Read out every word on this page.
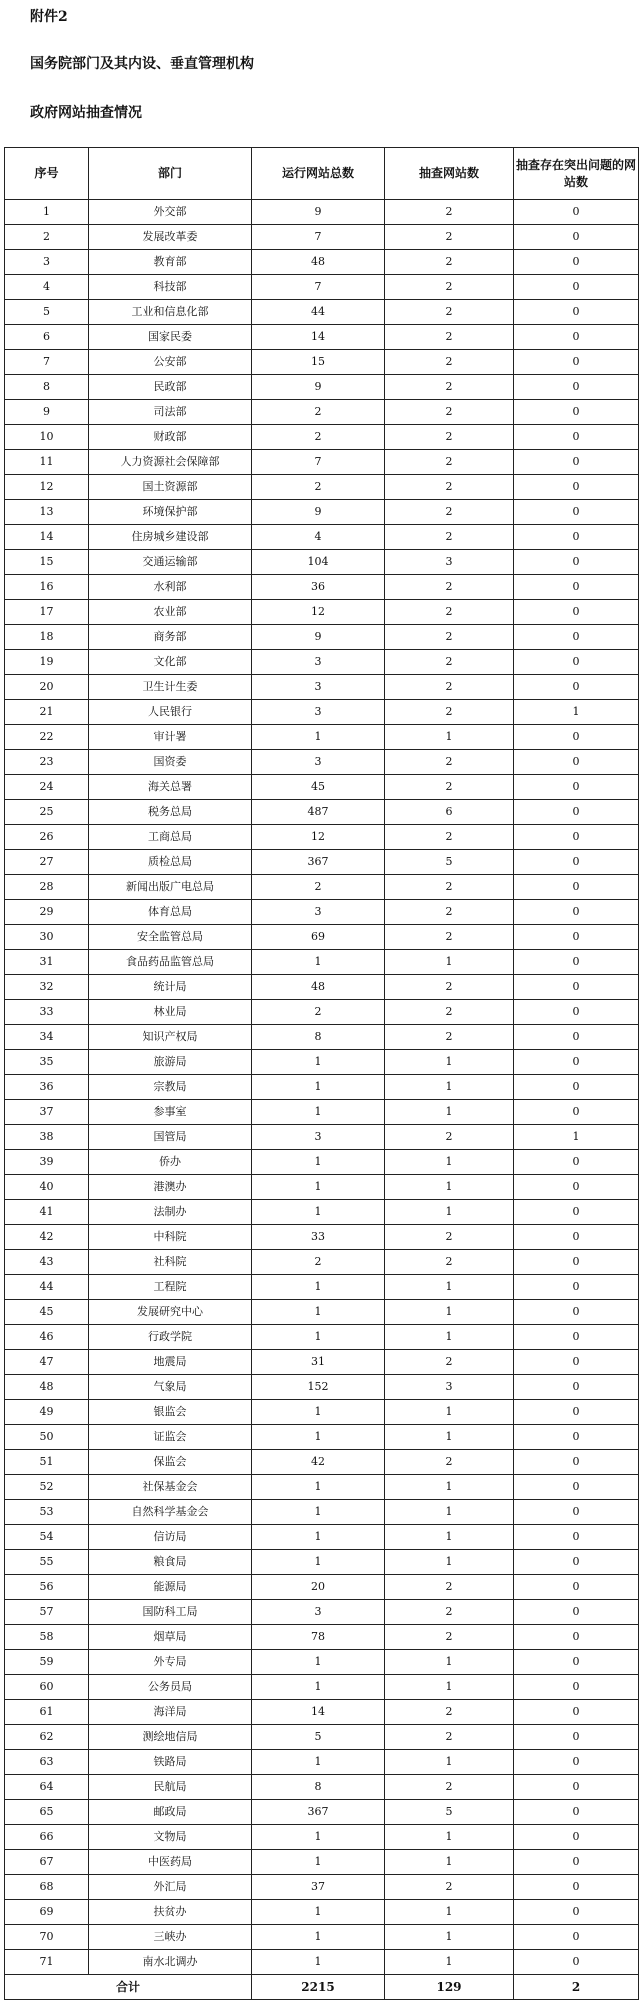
附件2
国务院部门及其内设、垂直管理机构
政府网站抽查情况
序号	部门	运行网站总数	抽查网站数	抽查存在突出问题的网站数
1	外交部	9	2	0
2	发展改革委	7	2	0
3	教育部	48	2	0
4	科技部	7	2	0
5	工业和信息化部	44	2	0
6	国家民委	14	2	0
7	公安部	15	2	0
8	民政部	9	2	0
9	司法部	2	2	0
10	财政部	2	2	0
11	人力资源社会保障部	7	2	0
12	国土资源部	2	2	0
13	环境保护部	9	2	0
14	住房城乡建设部	4	2	0
15	交通运输部	104	3	0
16	水利部	36	2	0
17	农业部	12	2	0
18	商务部	9	2	0
19	文化部	3	2	0
20	卫生计生委	3	2	0
21	人民银行	3	2	1
22	审计署	1	1	0
23	国资委	3	2	0
24	海关总署	45	2	0
25	税务总局	487	6	0
26	工商总局	12	2	0
27	质检总局	367	5	0
28	新闻出版广电总局	2	2	0
29	体育总局	3	2	0
30	安全监管总局	69	2	0
31	食品药品监管总局	1	1	0
32	统计局	48	2	0
33	林业局	2	2	0
34	知识产权局	8	2	0
35	旅游局	1	1	0
36	宗教局	1	1	0
37	参事室	1	1	0
38	国管局	3	2	1
39	侨办	1	1	0
40	港澳办	1	1	0
41	法制办	1	1	0
42	中科院	33	2	0
43	社科院	2	2	0
44	工程院	1	1	0
45	发展研究中心	1	1	0
46	行政学院	1	1	0
47	地震局	31	2	0
48	气象局	152	3	0
49	银监会	1	1	0
50	证监会	1	1	0
51	保监会	42	2	0
52	社保基金会	1	1	0
53	自然科学基金会	1	1	0
54	信访局	1	1	0
55	粮食局	1	1	0
56	能源局	20	2	0
57	国防科工局	3	2	0
58	烟草局	78	2	0
59	外专局	1	1	0
60	公务员局	1	1	0
61	海洋局	14	2	0
62	测绘地信局	5	2	0
63	铁路局	1	1	0
64	民航局	8	2	0
65	邮政局	367	5	0
66	文物局	1	1	0
67	中医药局	1	1	0
68	外汇局	37	2	0
69	扶贫办	1	1	0
70	三峡办	1	1	0
71	南水北调办	1	1	0
合计		2215	129	2
